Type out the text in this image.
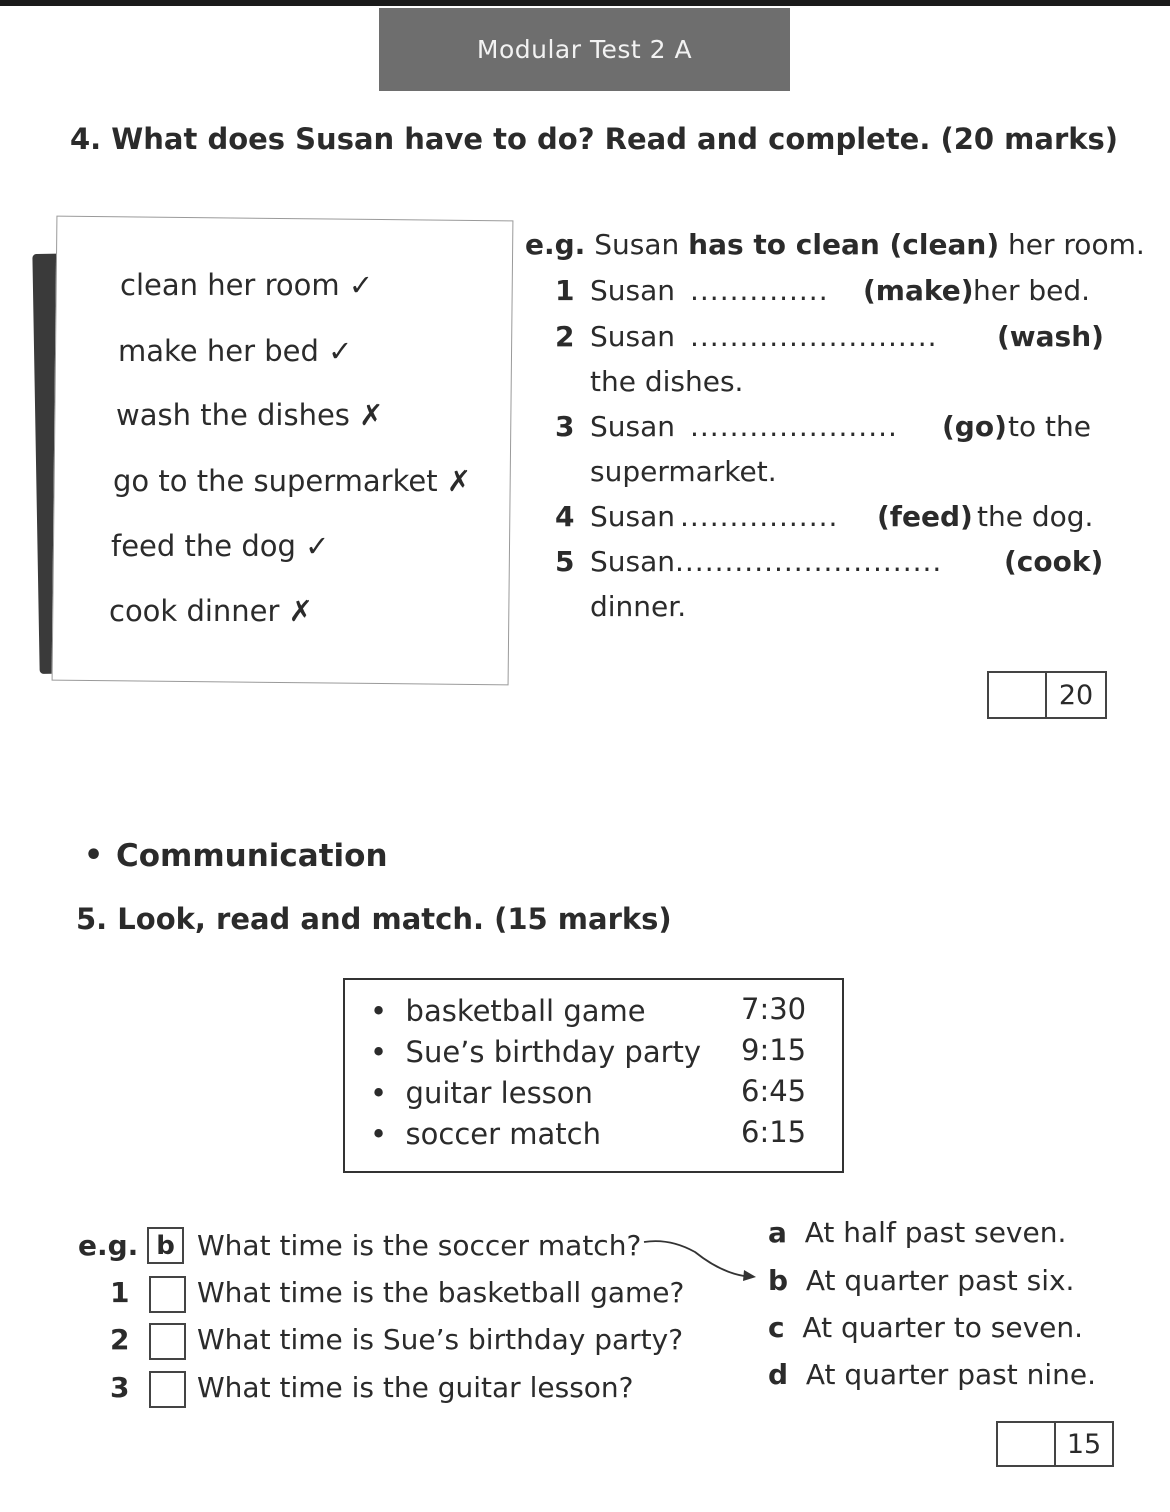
Modular Test 2 A
4. What does Susan have to do? Read and complete. (20 marks)
clean her room ✓
make her bed ✓
wash the dishes ✗
go to the supermarket ✗
feed the dog ✓
cook dinner ✗
e.g. Susan has to clean (clean) her room.
1 Susan .............. (make) her bed.
2 Susan ......................... (wash)
the dishes.
3 Susan ..................... (go) to the
supermarket.
4 Susan ................ (feed) the dog.
5 Susan ........................... (cook)
dinner.
20
• Communication
5. Look, read and match. (15 marks)
•  basketball game	7:30
•  Sue’s birthday party 9:15
•  guitar lesson	6:45
•  soccer match	6:15
e.g. b What time is the soccer match?
1 What time is the basketball game?
2 What time is Sue’s birthday party?
3 What time is the guitar lesson?
a At half past seven.
b At quarter past six.
c At quarter to seven.
d At quarter past nine.
15
